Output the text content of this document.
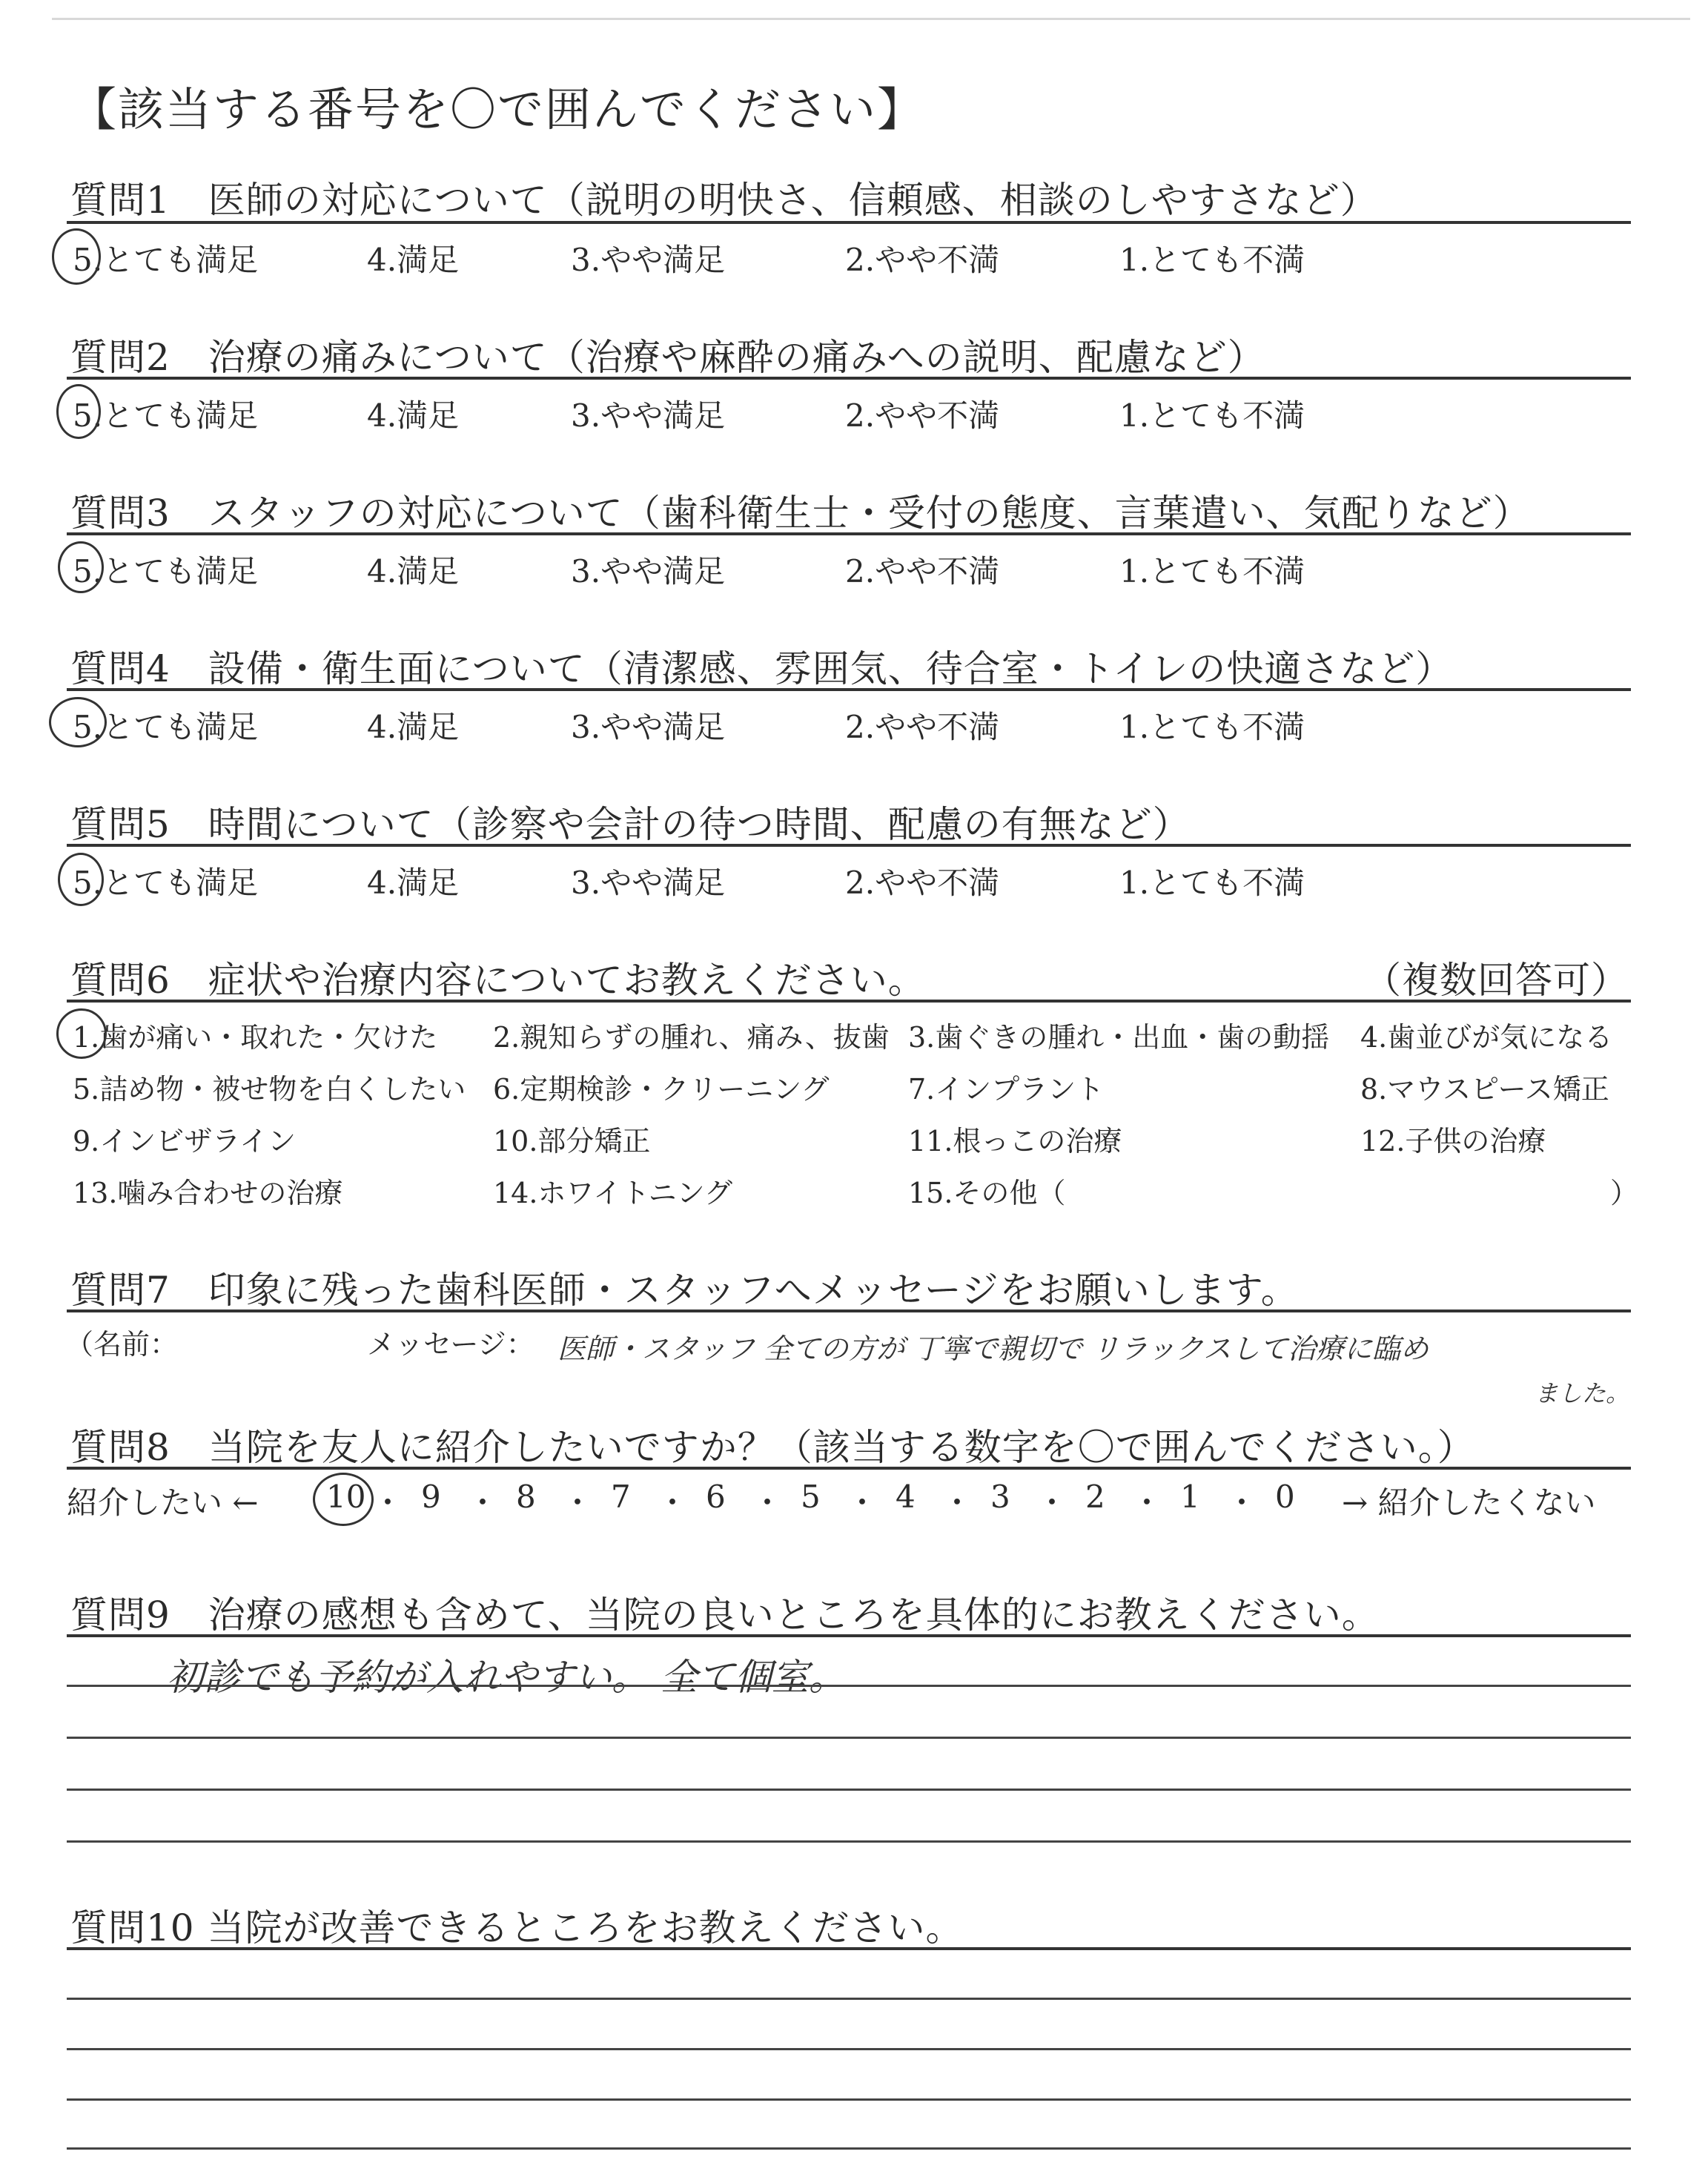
【該当する番号を〇で囲んでください】
質問1　医師の対応について（説明の明快さ、信頼感、相談のしやすさなど）
5.とても満足	4.満足	3.やや満足	2.やや不満	1.とても不満
質問2　治療の痛みについて（治療や麻酔の痛みへの説明、配慮など）
5.とても満足	4.満足	3.やや満足	2.やや不満	1.とても不満
質問3　スタッフの対応について（歯科衛生士・受付の態度、言葉遣い、気配りなど）
5.とても満足	4.満足	3.やや満足	2.やや不満	1.とても不満
質問4　設備・衛生面について（清潔感、雰囲気、待合室・トイレの快適さなど）
5.とても満足	4.満足	3.やや満足	2.やや不満	1.とても不満
質問5　時間について（診察や会計の待つ時間、配慮の有無など）
5.とても満足	4.満足	3.やや満足	2.やや不満	1.とても不満
質問6　症状や治療内容についてお教えください。	（複数回答可）
1.歯が痛い・取れた・欠けた 2.親知らずの腫れ、痛み、抜歯 3.歯ぐきの腫れ・出血・歯の動揺 4.歯並びが気になる
5.詰め物・被せ物を白くしたい 6.定期検診・クリーニング	7.インプラント	8.マウスピース矯正
9.インビザライン	10.部分矯正	11.根っこの治療	12.子供の治療
13.噛み合わせの治療	14.ホワイトニング	15.その他（	）
質問7　印象に残った歯科医師・スタッフへメッセージをお願いします。
（名前：	メッセージ： 医師・スタッフ 全ての方が 丁寧で親切で リラックスして治療に臨め
ました。
質問8　当院を友人に紹介したいですか？（該当する数字を〇で囲んでください。）
紹介したい ← 10 ・ 9 ・ 8 ・ 7 ・ 6 ・ 5 ・ 4 ・ 3 ・ 2 ・ 1 ・ 0 → 紹介したくない
質問9　治療の感想も含めて、当院の良いところを具体的にお教えください。
初診でも予約が入れやすい。 全て個室。
質問10 当院が改善できるところをお教えください。
